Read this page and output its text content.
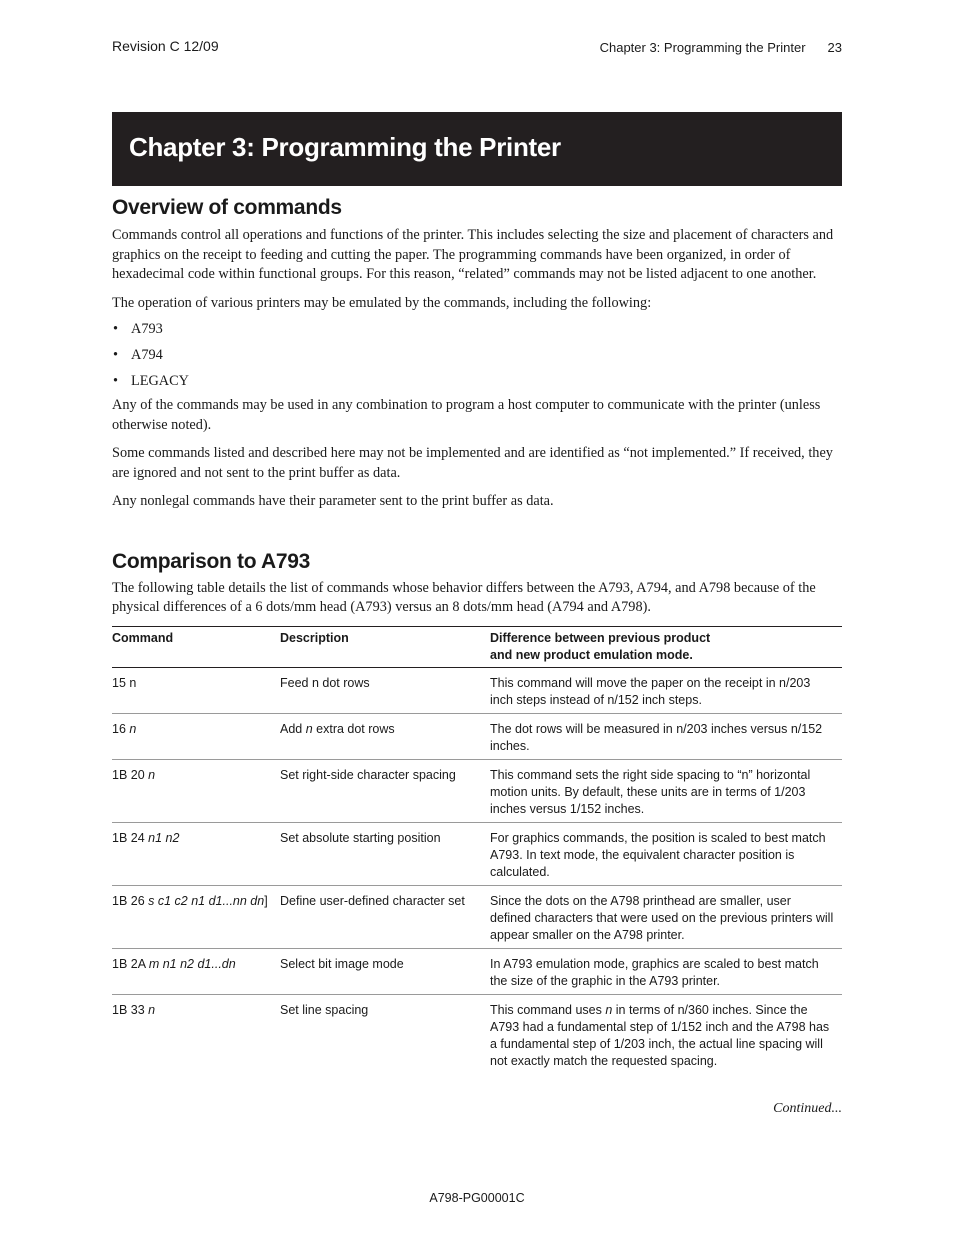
Revision C 12/09	Chapter 3: Programming the Printer 23
Chapter 3: Programming the Printer
Overview of commands

Commands control all operations and functions of the printer. This includes selecting the size and placement of characters and graphics on the receipt to feeding and cutting the paper. The programming commands have been organized, in order of hexadecimal code within functional groups. For this reason, “related” commands may not be listed adjacent to one another.

The operation of various printers may be emulated by the commands, including the following:

• A793
• A794
• LEGACY

Any of the commands may be used in any combination to program a host computer to communicate with the printer (unless otherwise noted).

Some commands listed and described here may not be implemented and are identified as “not implemented.” If received, they are ignored and not sent to the print buffer as data.

Any nonlegal commands have their parameter sent to the print buffer as data.

Comparison to A793

The following table details the list of commands whose behavior differs between the A793, A794, and A798 because of the physical differences of a 6 dots/mm head (A793) versus an 8 dots/mm head (A794 and A798).

Command	Description	Difference between previous product
and new product emulation mode.

15 n	Feed n dot rows	This command will move the paper on the receipt in n/203 inch steps instead of n/152 inch steps.
16 n	Add n extra dot rows	The dot rows will be measured in n/203 inches versus n/152 inches.
1B 20 n	Set right-side character spacing	This command sets the right side spacing to “n” horizontal motion units. By default, these units are in terms of 1/203 inches versus 1/152 inches.
1B 24 n1 n2	Set absolute starting position	For graphics commands, the position is scaled to best match A793. In text mode, the equivalent character position is calculated.
1B 26 s c1 c2 n1 d1...nn dn]	Define user-defined character set	Since the dots on the A798 printhead are smaller, user defined characters that were used on the previous printers will appear smaller on the A798 printer.
1B 2A m n1 n2 d1...dn	Select bit image mode	In A793 emulation mode, graphics are scaled to best match the size of the graphic in the A793 printer.
1B 33 n	Set line spacing	This command uses n in terms of n/360 inches. Since the A793 had a fundamental step of 1/152 inch and the A798 has a fundamental step of 1/203 inch, the actual line spacing will not exactly match the requested spacing.
Continued...
A798-PG00001C
